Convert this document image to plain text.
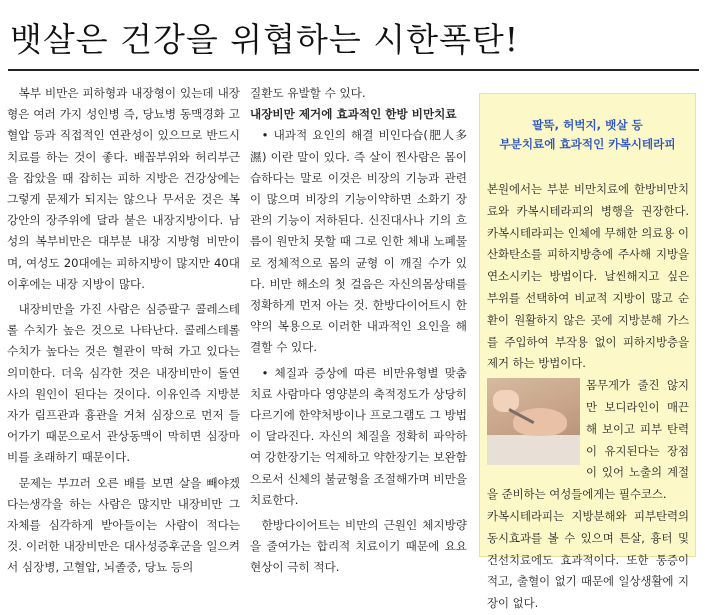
뱃살은 건강을 위협하는 시한폭탄!

복부 비만은 피하형과 내장형이 있는데 내장형은 여러 가지 성인병 즉, 당뇨병 동맥경화 고혈압 등과 직접적인 연관성이 있으므로 반드시 치료를 하는 것이 좋다. 배꼽부위와 허리부근을 잡았을 때 잡히는 피하 지방은 건강상에는 그렇게 문제가 되지는 않으나 무서운 것은 복강안의 장주위에 달라 붙은 내장지방이다. 남성의 복부비만은 대부분 내장 지방형 비만이며, 여성도 20대에는 피하지방이 많지만 40대 이후에는 내장 지방이 많다.

내장비만을 가진 사람은 심증팔구 콜레스테롤 수치가 높은 것으로 나타난다. 콜레스테롤 수치가 높다는 것은 혈관이 막혀 가고 있다는 의미한다. 더욱 심각한 것은 내장비만이 돌연사의 원인이 된다는 것이다. 이유인즉 지방분자가 림프관과 흉관을 거쳐 심장으로 먼저 들어가기 때문으로서 관상동맥이 막히면 심장마비를 초래하기 때문이다.

문제는 부끄러 오른 배를 보면 살을 빼야겠다는생각을 하는 사람은 많지만 내장비만 그 자체를 심각하게 받아들이는 사람이 적다는 것. 이러한 내장비만은 대사성증후군을 일으켜서 심장병, 고혈압, 뇌졸중, 당뇨 등의

질환도 유발할 수 있다.

내장비만 제거에 효과적인 한방 비만치료

• 내과적 요인의 해결 비인다습(肥人多濕) 이란 말이 있다. 즉 살이 찐사람은 몸이 습하다는 말로 이것은 비장의 기능과 관련이 많으며 비장의 기능이약하면 소화기 장관의 기능이 저하된다. 신진대사나 기의 흐름이 원만치 못할 때 그로 인한 체내 노폐물로 정체적으로 몸의 균형 이 깨질 수가 있다. 비만 해소의 첫 걸음은 자신의몸상태를 정확하게 먼저 아는 것. 한방다이어트시 한약의 복용으로 이러한 내과적인 요인을 해결할 수 있다.

• 체질과 증상에 따른 비만유형별 맞춤 치료 사람마다 영양분의 축적정도가 상당히 다르기에 한약처방이나 프로그램도 그 방법이 달라진다. 자신의 체질을 정확히 파악하여 강한장기는 억제하고 약한장기는 보완함으로서 신체의 불균형을 조절해가며 비만을 치료한다.

한방다이어트는 비만의 근원인 체지방량을 줄여가는 합리적 치료이기 때문에 요요현상이 극히 적다.

팔뚝, 허벅지, 뱃살 등
부분치료에 효과적인 카복시테라피

본원에서는 부분 비만치료에 한방비만치료와 카복시테라피의 병행을 권장한다. 카복시테라피는 인체에 무해한 의료용 이산화탄소를 피하지방층에 주사해 지방을 연소시키는 방법이다. 날씬해지고 싶은 부위를 선택하여 비교적 지방이 많고 순환이 원활하지 않은 곳에 지방분해 가스를 주입하여 부작용 없이 피하지방층을 제거 하는 방법이다.

몸무게가 줄진 않지만 보디라인이 매끈해 보이고 피부 탄력이 유지된다는 장점이 있어 노출의 계절을 준비하는 여성들에게는 필수코스.

카복시테라피는 지방분해와 피부탄력의 동시효과를 볼 수 있으며 튼살, 흉터 및 건선치료에도 효과적이다. 또한 통증이 적고, 출혈이 없기 때문에 일상생활에 지장이 없다.
